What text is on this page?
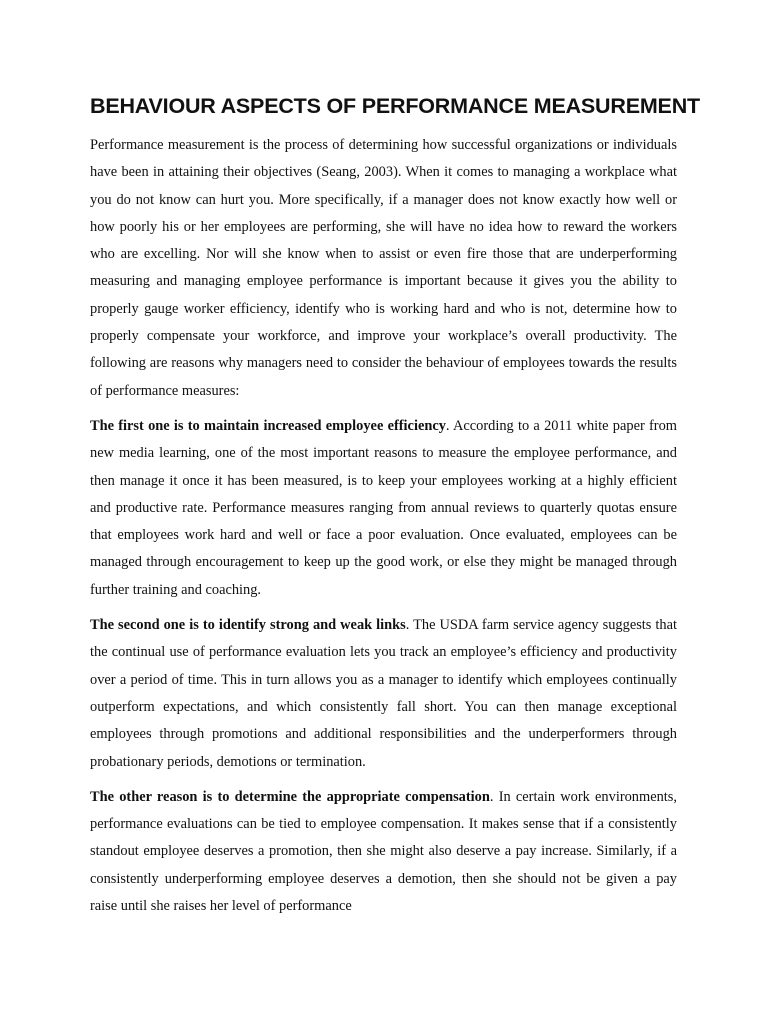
BEHAVIOUR ASPECTS OF PERFORMANCE MEASUREMENT

Performance measurement is the process of determining how successful organizations or individuals have been in attaining their objectives (Seang, 2003). When it comes to managing a workplace what you do not know can hurt you. More specifically, if a manager does not know exactly how well or how poorly his or her employees are performing, she will have no idea how to reward the workers who are excelling. Nor will she know when to assist or even fire those that are underperforming measuring and managing employee performance is important because it gives you the ability to properly gauge worker efficiency, identify who is working hard and who is not, determine how to properly compensate your workforce, and improve your workplace’s overall productivity. The following are reasons why managers need to consider the behaviour of employees towards the results of performance measures:

The first one is to maintain increased employee efficiency. According to a 2011 white paper from new media learning, one of the most important reasons to measure the employee performance, and then manage it once it has been measured, is to keep your employees working at a highly efficient and productive rate. Performance measures ranging from annual reviews to quarterly quotas ensure that employees work hard and well or face a poor evaluation. Once evaluated, employees can be managed through encouragement to keep up the good work, or else they might be managed through further training and coaching.

The second one is to identify strong and weak links. The USDA farm service agency suggests that the continual use of performance evaluation lets you track an employee’s efficiency and productivity over a period of time. This in turn allows you as a manager to identify which employees continually outperform expectations, and which consistently fall short. You can then manage exceptional employees through promotions and additional responsibilities and the underperformers through probationary periods, demotions or termination.

The other reason is to determine the appropriate compensation. In certain work environments, performance evaluations can be tied to employee compensation. It makes sense that if a consistently standout employee deserves a promotion, then she might also deserve a pay increase. Similarly, if a consistently underperforming employee deserves a demotion, then she should not be given a pay raise until she raises her level of performance
